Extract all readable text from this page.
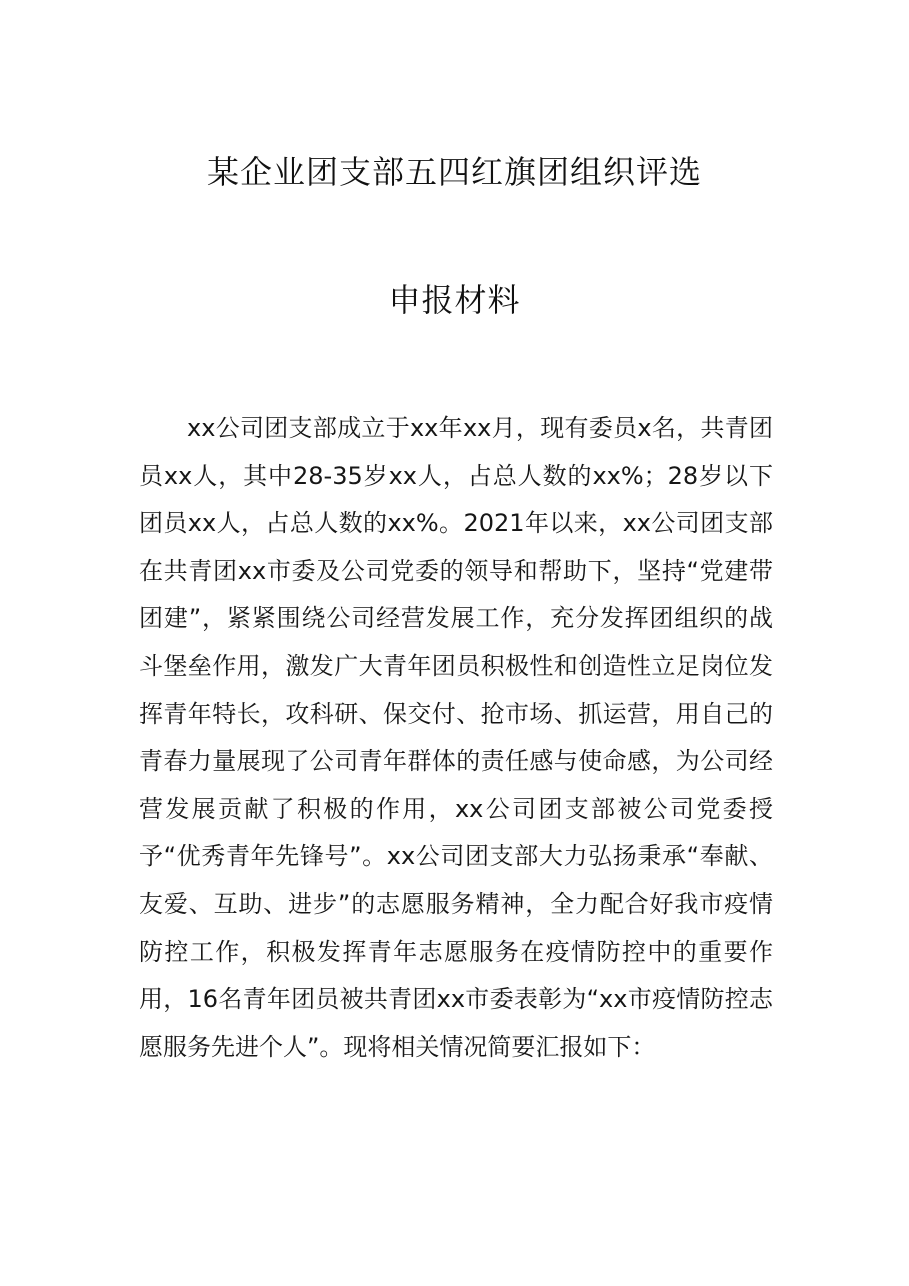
某企业团支部五四红旗团组织评选
申报材料

xx公司团支部成立于xx年xx月，现有委员x名，共青团员xx人，其中28-35岁xx人，占总人数的xx%；28岁以下团员xx人，占总人数的xx%。2021年以来，xx公司团支部在共青团xx市委及公司党委的领导和帮助下，坚持“党建带团建”，紧紧围绕公司经营发展工作，充分发挥团组织的战斗堡垒作用，激发广大青年团员积极性和创造性立足岗位发挥青年特长，攻科研、保交付、抢市场、抓运营，用自己的青春力量展现了公司青年群体的责任感与使命感，为公司经营发展贡献了积极的作用，xx公司团支部被公司党委授予“优秀青年先锋号”。xx公司团支部大力弘扬秉承“奉献、友爱、互助、进步”的志愿服务精神，全力配合好我市疫情防控工作，积极发挥青年志愿服务在疫情防控中的重要作用，16名青年团员被共青团xx市委表彰为“xx市疫情防控志愿服务先进个人”。现将相关情况简要汇报如下：
